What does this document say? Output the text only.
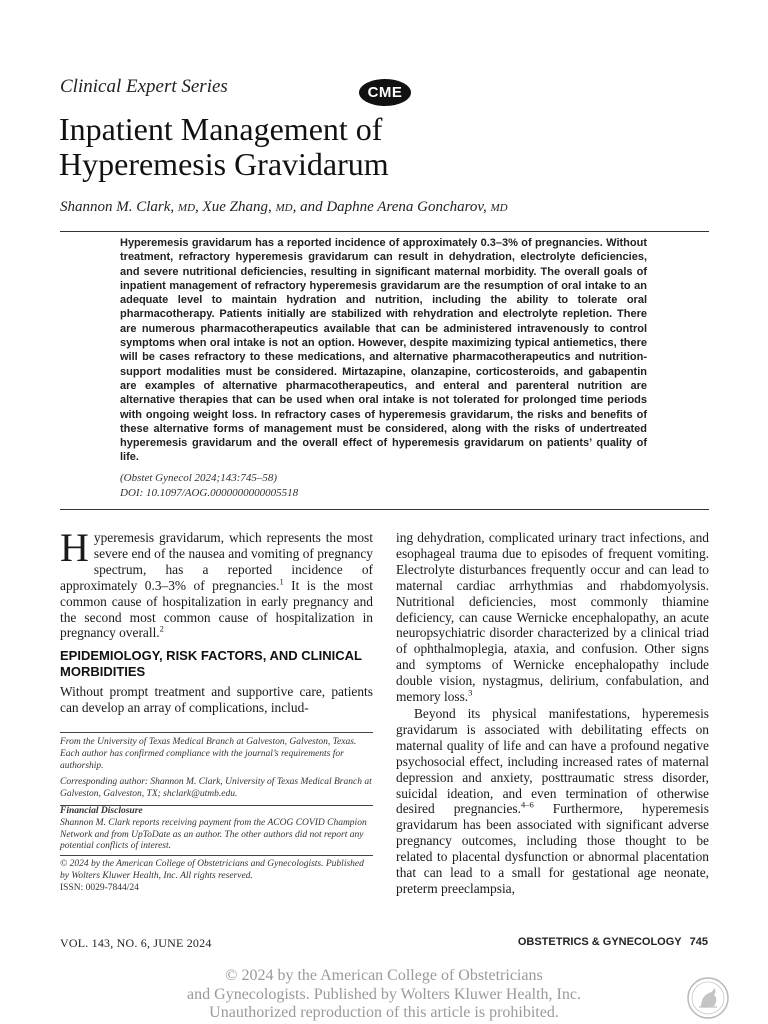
Clinical Expert Series	CME
Inpatient Management of
Hyperemesis Gravidarum
Shannon M. Clark, MD, Xue Zhang, MD, and Daphne Arena Goncharov, MD

Hyperemesis gravidarum has a reported incidence of approximately 0.3–3% of pregnancies. Without treatment, refractory hyperemesis gravidarum can result in dehydration, electrolyte deficiencies, and severe nutritional deficiencies, resulting in significant maternal morbidity. The overall goals of inpatient management of refractory hyperemesis gravidarum are the resumption of oral intake to an adequate level to maintain hydration and nutrition, including the ability to tolerate oral pharmacotherapy. Patients initially are stabilized with rehydration and electrolyte repletion. There are numerous pharmacotherapeutics available that can be administered intravenously to control symptoms when oral intake is not an option. However, despite maximizing typical antiemetics, there will be cases refractory to these medications, and alternative pharmacotherapeutics and nutrition-support modalities must be considered. Mirtazapine, olanzapine, corticosteroids, and gabapentin are examples of alternative pharmacotherapeutics, and enteral and parenteral nutrition are alternative therapies that can be used when oral intake is not tolerated for prolonged time periods with ongoing weight loss. In refractory cases of hyperemesis gravidarum, the risks and benefits of these alternative forms of management must be considered, along with the risks of undertreated hyperemesis gravidarum and the overall effect of hyperemesis gravidarum on patients’ quality of life.

(Obstet Gynecol 2024;143:745–58)
DOI: 10.1097/AOG.0000000000005518

Hyperemesis gravidarum, which represents the most severe end of the nausea and vomiting of pregnancy spectrum, has a reported incidence of approximately 0.3–3% of pregnancies.$^1$ It is the most common cause of hospitalization in early pregnancy and the second most common cause of hospitalization in pregnancy overall.$^2$

EPIDEMIOLOGY, RISK FACTORS, AND CLINICAL MORBIDITIES

Without prompt treatment and supportive care, patients can develop an array of complications, includ-

From the University of Texas Medical Branch at Galveston, Galveston, Texas.

Each author has confirmed compliance with the journal’s requirements for authorship.

Corresponding author: Shannon M. Clark, University of Texas Medical Branch at Galveston, Galveston, TX; shclark@utmb.edu.

Financial Disclosure

Shannon M. Clark reports receiving payment from the ACOG COVID Champion Network and from UpToDate as an author. The other authors did not report any potential conflicts of interest.

© 2024 by the American College of Obstetricians and Gynecologists. Published by Wolters Kluwer Health, Inc. All rights reserved.

ISSN: 0029-7844/24

ing dehydration, complicated urinary tract infections, and esophageal trauma due to episodes of frequent vomiting. Electrolyte disturbances frequently occur and can lead to maternal cardiac arrhythmias and rhabdomyolysis. Nutritional deficiencies, most commonly thiamine deficiency, can cause Wernicke encephalopathy, an acute neuropsychiatric disorder characterized by a clinical triad of ophthalmoplegia, ataxia, and confusion. Other signs and symptoms of Wernicke encephalopathy include double vision, nystagmus, delirium, confabulation, and memory loss.$^3$

Beyond its physical manifestations, hyperemesis gravidarum is associated with debilitating effects on maternal quality of life and can have a profound negative psychosocial effect, including increased rates of maternal depression and anxiety, posttraumatic stress disorder, suicidal ideation, and even termination of otherwise desired pregnancies.$^{4-6}$ Furthermore, hyperemesis gravidarum has been associated with significant adverse pregnancy outcomes, including those thought to be related to placental dysfunction or abnormal placentation that can lead to a small for gestational age neonate, preterm preeclampsia,

VOL. 143, NO. 6, JUNE 2024	OBSTETRICS & GYNECOLOGY 745
© 2024 by the American College of Obstetricians
and Gynecologists. Published by Wolters Kluwer Health, Inc.
Unauthorized reproduction of this article is prohibited.
